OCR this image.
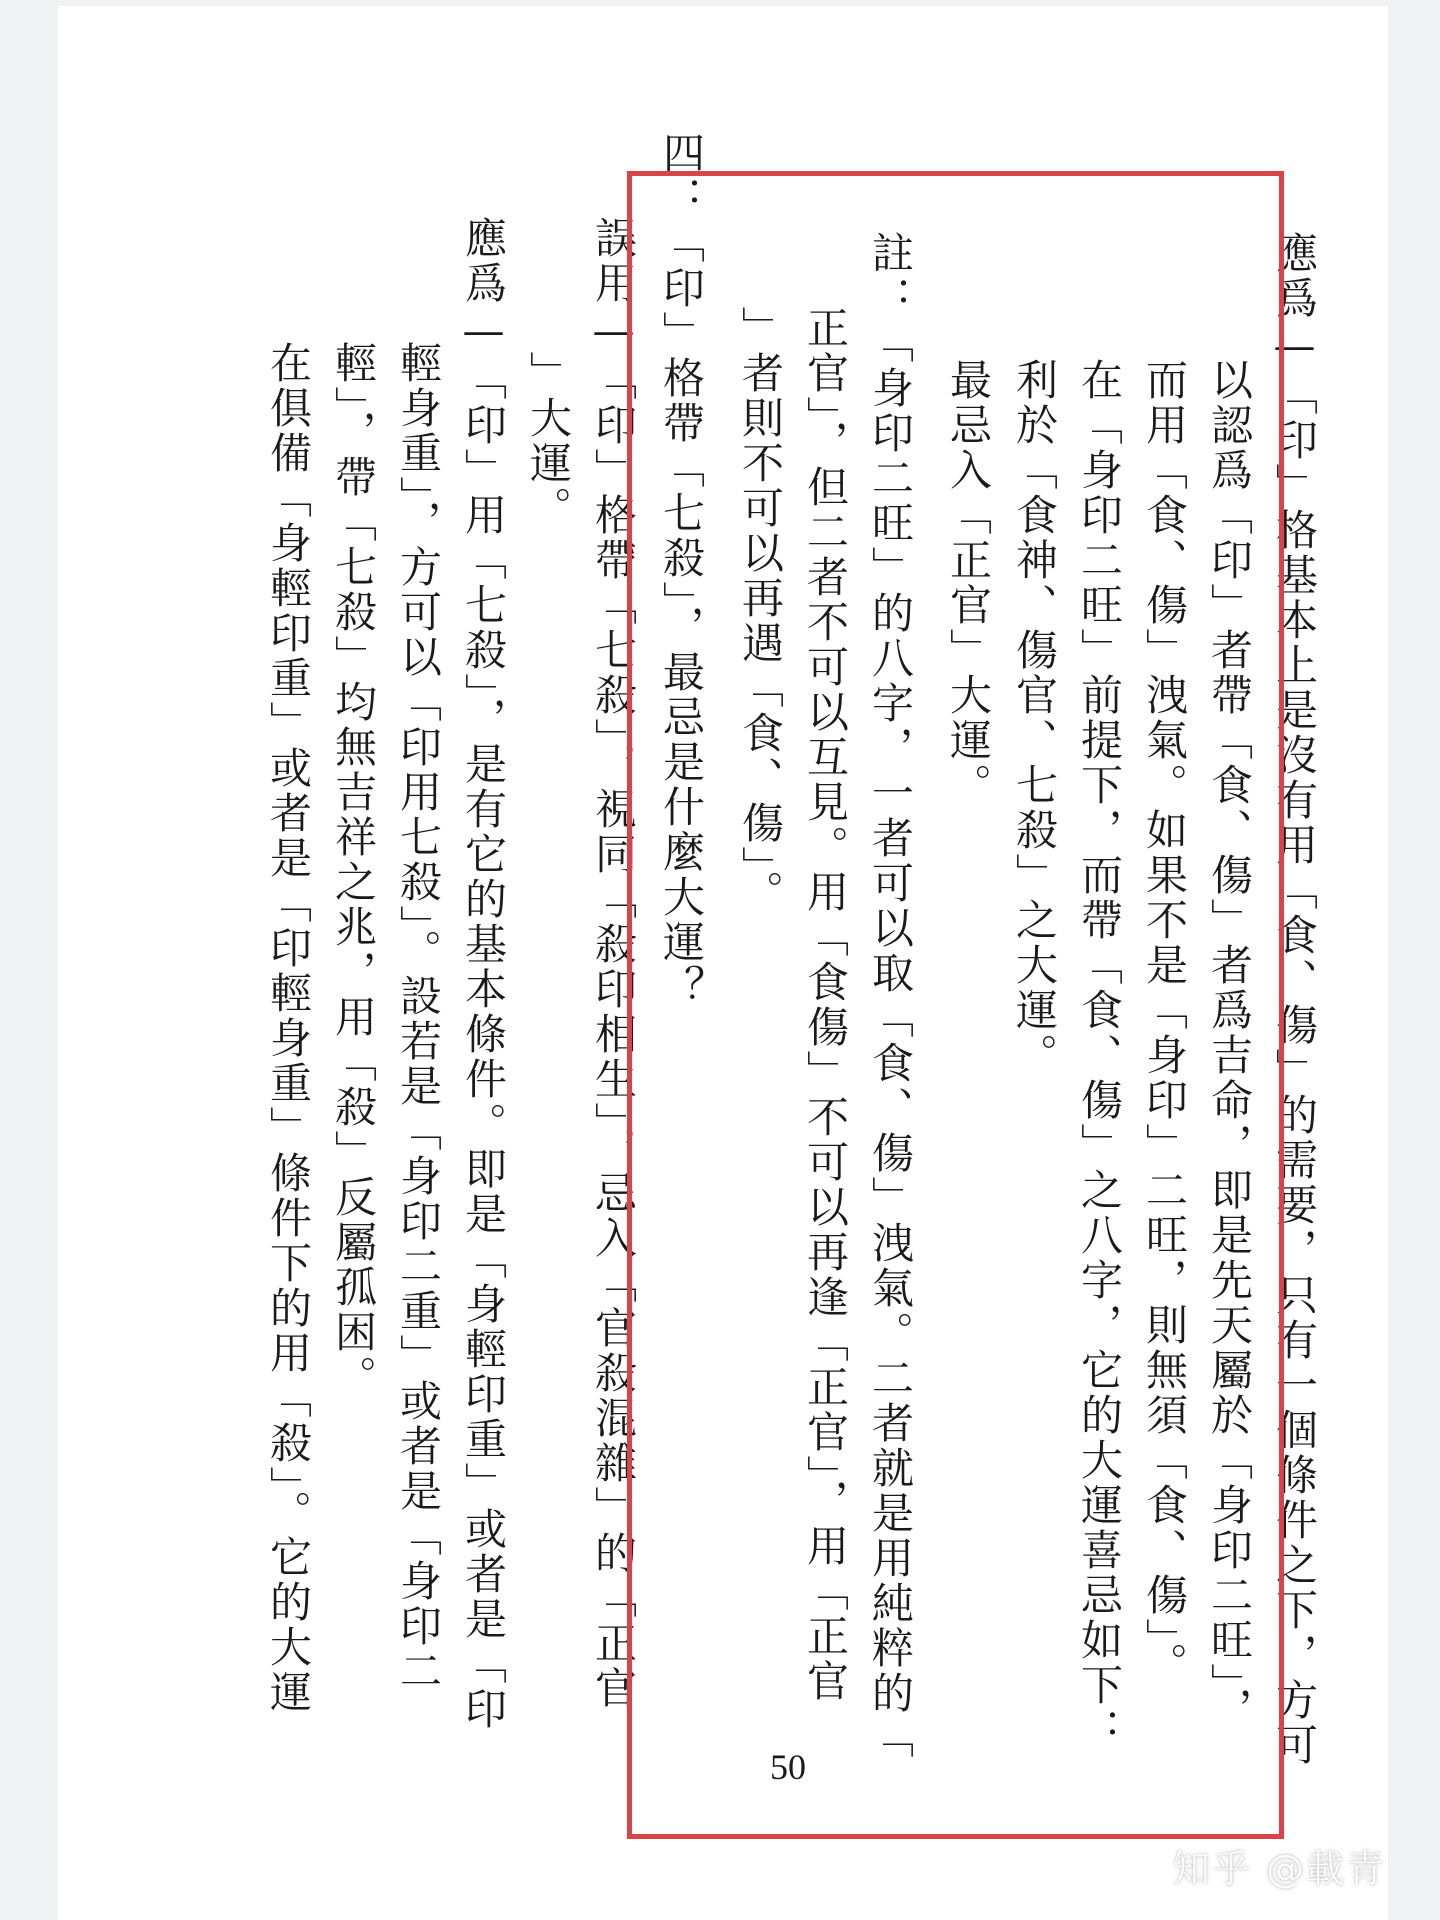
應爲—「印」格基本上是沒有用「食、傷」的需要，只有一個條件之下，方可
以認爲「印」者帶「食、傷」者爲吉命，即是先天屬於「身印二旺」，
而用「食、傷」洩氣。如果不是「身印」二旺，則無須「食、傷」。
在「身印二旺」前提下，而帶「食、傷」之八字，它的大運喜忌如下：
利於「食神、傷官、七殺」之大運。
最忌入「正官」大運。
註：「身印二旺」的八字，一者可以取「食、傷」洩氣。二者就是用純粹的「
正官」，但二者不可以互見。用「食傷」不可以再逢「正官」，用「正官
」者則不可以再遇「食、傷」。
四：「印」格帶「七殺」，最忌是什麼大運？
誤用—「印」格帶「七殺」，視同「殺印相生」，忌入「官殺混雜」的「正官
」大運。
應爲—「印」用「七殺」，是有它的基本條件。即是「身輕印重」或者是「印
輕身重」，方可以「印用七殺」。設若是「身印二重」或者是「身印二
輕」，帶「七殺」均無吉祥之兆，用「殺」反屬孤困。
在俱備「身輕印重」或者是「印輕身重」條件下的用「殺」。它的大運
50
知乎 @載青
